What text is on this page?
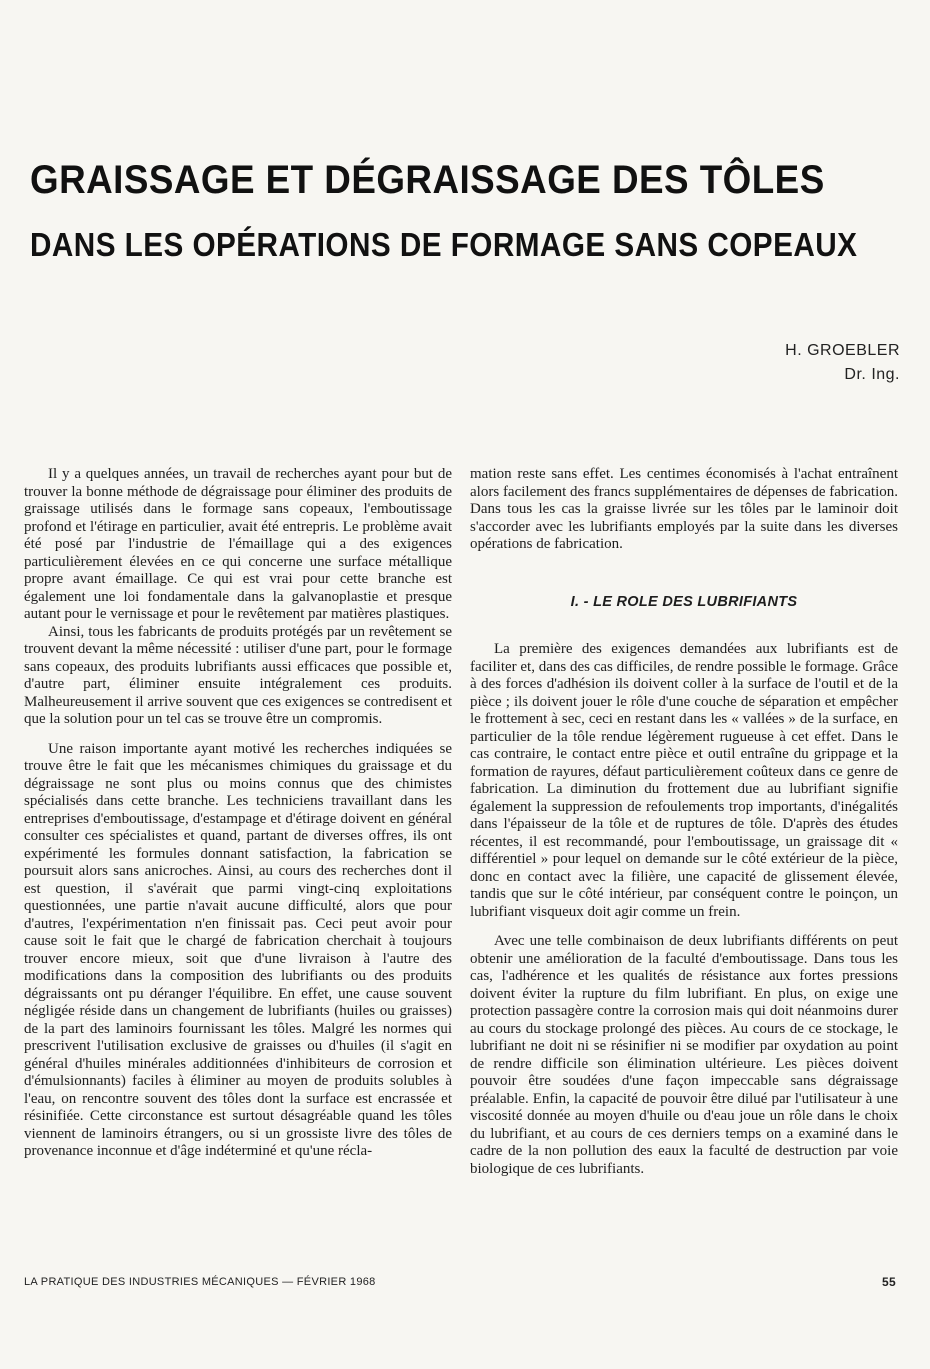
GRAISSAGE ET DÉGRAISSAGE DES TÔLES
DANS LES OPÉRATIONS DE FORMAGE SANS COPEAUX
H. GROEBLER
Dr. Ing.

Il y a quelques années, un travail de recherches ayant pour but de trouver la bonne méthode de dégraissage pour éliminer des produits de graissage utilisés dans le formage sans copeaux, l'emboutissage profond et l'étirage en particulier, avait été entrepris. Le problème avait été posé par l'industrie de l'émaillage qui a des exigences particulièrement élevées en ce qui concerne une surface métallique propre avant émaillage. Ce qui est vrai pour cette branche est également une loi fondamentale dans la galvanoplastie et presque autant pour le vernissage et pour le revêtement par matières plastiques.

Ainsi, tous les fabricants de produits protégés par un revêtement se trouvent devant la même nécessité : utiliser d'une part, pour le formage sans copeaux, des produits lubrifiants aussi efficaces que possible et, d'autre part, éliminer ensuite intégralement ces produits. Malheureusement il arrive souvent que ces exigences se contredisent et que la solution pour un tel cas se trouve être un compromis.

Une raison importante ayant motivé les recherches indiquées se trouve être le fait que les mécanismes chimiques du graissage et du dégraissage ne sont plus ou moins connus que des chimistes spécialisés dans cette branche. Les techniciens travaillant dans les entreprises d'emboutissage, d'estampage et d'étirage doivent en général consulter ces spécialistes et quand, partant de diverses offres, ils ont expérimenté les formules donnant satisfaction, la fabrication se poursuit alors sans anicroches. Ainsi, au cours des recherches dont il est question, il s'avérait que parmi vingt-cinq exploitations questionnées, une partie n'avait aucune difficulté, alors que pour d'autres, l'expérimentation n'en finissait pas. Ceci peut avoir pour cause soit le fait que le chargé de fabrication cherchait à toujours trouver encore mieux, soit que d'une livraison à l'autre des modifications dans la composition des lubrifiants ou des produits dégraissants ont pu déranger l'équilibre. En effet, une cause souvent négligée réside dans un changement de lubrifiants (huiles ou graisses) de la part des laminoirs fournissant les tôles. Malgré les normes qui prescrivent l'utilisation exclusive de graisses ou d'huiles (il s'agit en général d'huiles minérales additionnées d'inhibiteurs de corrosion et d'émulsionnants) faciles à éliminer au moyen de produits solubles à l'eau, on rencontre souvent des tôles dont la surface est encrassée et résinifiée. Cette circonstance est surtout désagréable quand les tôles viennent de laminoirs étrangers, ou si un grossiste livre des tôles de provenance inconnue et d'âge indéterminé et qu'une récla-

mation reste sans effet. Les centimes économisés à l'achat entraînent alors facilement des francs supplémentaires de dépenses de fabrication. Dans tous les cas la graisse livrée sur les tôles par le laminoir doit s'accorder avec les lubrifiants employés par la suite dans les diverses opérations de fabrication.

I. - LE ROLE DES LUBRIFIANTS

La première des exigences demandées aux lubrifiants est de faciliter et, dans des cas difficiles, de rendre possible le formage. Grâce à des forces d'adhésion ils doivent coller à la surface de l'outil et de la pièce ; ils doivent jouer le rôle d'une couche de séparation et empêcher le frottement à sec, ceci en restant dans les « vallées » de la surface, en particulier de la tôle rendue légèrement rugueuse à cet effet. Dans le cas contraire, le contact entre pièce et outil entraîne du grippage et la formation de rayures, défaut particulièrement coûteux dans ce genre de fabrication. La diminution du frottement due au lubrifiant signifie également la suppression de refoulements trop importants, d'inégalités dans l'épaisseur de la tôle et de ruptures de tôle. D'après des études récentes, il est recommandé, pour l'emboutissage, un graissage dit « différentiel » pour lequel on demande sur le côté extérieur de la pièce, donc en contact avec la filière, une capacité de glissement élevée, tandis que sur le côté intérieur, par conséquent contre le poinçon, un lubrifiant visqueux doit agir comme un frein.

Avec une telle combinaison de deux lubrifiants différents on peut obtenir une amélioration de la faculté d'emboutissage. Dans tous les cas, l'adhérence et les qualités de résistance aux fortes pressions doivent éviter la rupture du film lubrifiant. En plus, on exige une protection passagère contre la corrosion mais qui doit néanmoins durer au cours du stockage prolongé des pièces. Au cours de ce stockage, le lubrifiant ne doit ni se résinifier ni se modifier par oxydation au point de rendre difficile son élimination ultérieure. Les pièces doivent pouvoir être soudées d'une façon impeccable sans dégraissage préalable. Enfin, la capacité de pouvoir être dilué par l'utilisateur à une viscosité donnée au moyen d'huile ou d'eau joue un rôle dans le choix du lubrifiant, et au cours de ces derniers temps on a examiné dans le cadre de la non pollution des eaux la faculté de destruction par voie biologique de ces lubrifiants.

LA PRATIQUE DES INDUSTRIES MÉCANIQUES — FÉVRIER 1968	55
